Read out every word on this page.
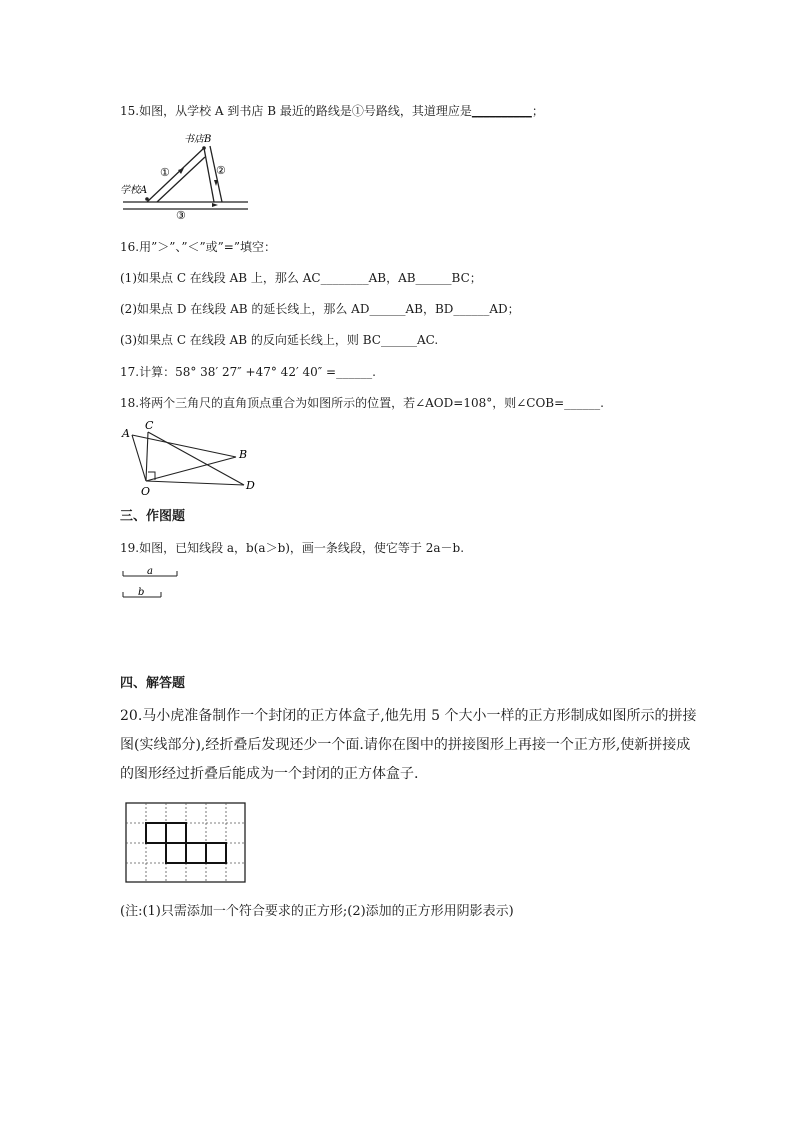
15.如图，从学校 A 到书店 B 最近的路线是①号路线，其道理应是__________；
书店B
学校A
①	②
③
16.用”＞”、”＜”或”=”填空：
(1)如果点 C 在线段 AB 上，那么 AC________AB，AB______BC；
(2)如果点 D 在线段 AB 的延长线上，那么 AD______AB，BD______AD；
(3)如果点 C 在线段 AB 的反向延长线上，则 BC______AC.
17.计算：58° 38′ 27″ +47° 42′ 40″ =______.
18.将两个三角尺的直角顶点重合为如图所示的位置，若∠AOD=108°，则∠COB=______.
A
C
B
O	D
三、作图题
19.如图，已知线段 a，b(a＞b)，画一条线段，使它等于 2a－b.
a
b
四、解答题
20.马小虎准备制作一个封闭的正方体盒子,他先用 5 个大小一样的正方形制成如图所示的拼接图(实线部分),经折叠后发现还少一个面.请你在图中的拼接图形上再接一个正方形,使新拼接成的图形经过折叠后能成为一个封闭的正方体盒子.
(注:(1)只需添加一个符合要求的正方形;(2)添加的正方形用阴影表示)
